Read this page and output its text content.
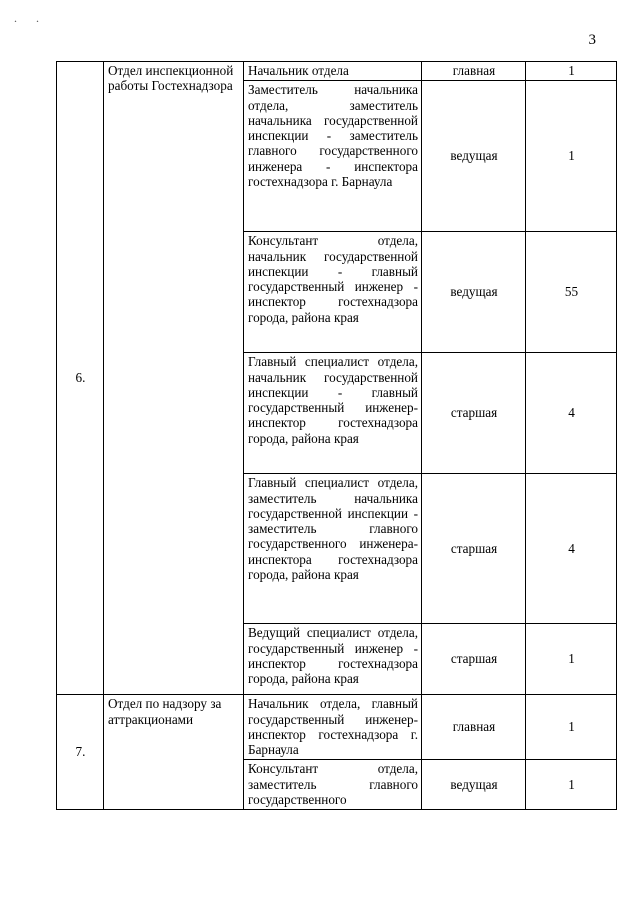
. .
3
6.	Отдел инспекционной работы Гостехнадзора	Начальник отдела	главная	1
		Заместитель начальника отдела, заместитель начальника государственной инспекции - заместитель главного государственного инженера - инспектора гостехнадзора г. Барнаула	ведущая	1
		Консультант отдела, начальник государственной инспекции - главный государственный инженер - инспектор гостехнадзора города, района края	ведущая	55
		Главный специалист отдела, начальник государственной инспекции - главный государственный инженер-инспектор гостехнадзора города, района края	старшая	4
		Главный специалист отдела, заместитель начальника государственной инспекции - заместитель главного государственного инженера-инспектора гостехнадзора города, района края	старшая	4
		Ведущий специалист отдела, государственный инженер - инспектор гостехнадзора города, района края	старшая	1
7.	Отдел по надзору за аттракционами	Начальник отдела, главный государственный инженер-инспектор гостехнадзора г. Барнаула	главная	1
		Консультант отдела, заместитель главного государственного	ведущая	1
